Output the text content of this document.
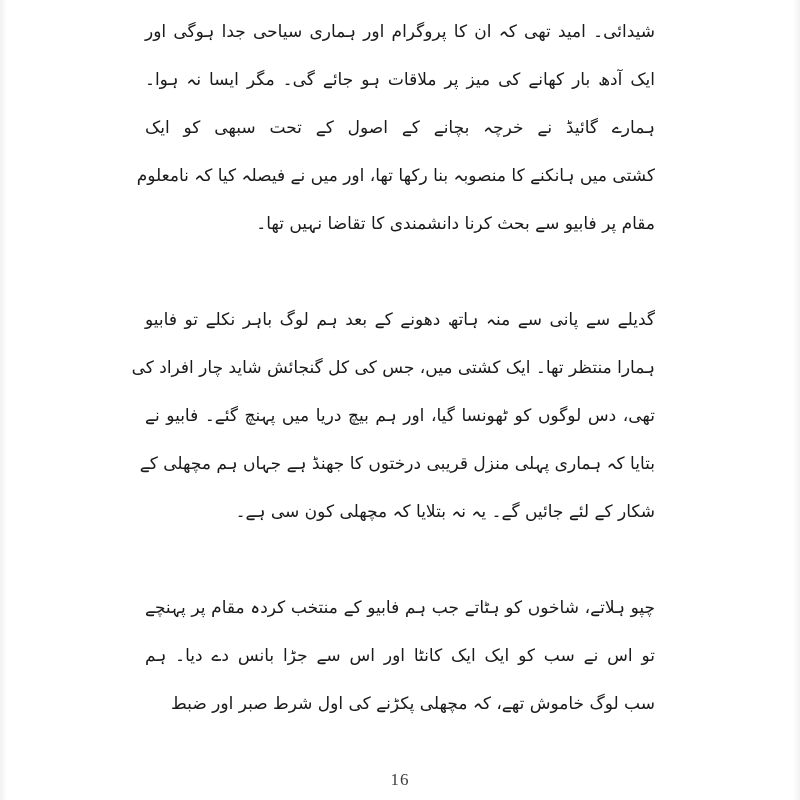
شیدائی۔ امید تھی کہ ان کا پروگرام اور ہماری سیاحی جدا ہوگی اور
ایک آدھ بار کھانے کی میز پر ملاقات ہو جائے گی۔ مگر ایسا نہ ہوا۔
ہمارے گائیڈ نے خرچہ بچانے کے اصول کے تحت سبھی کو ایک
کشتی میں ہانکنے کا منصوبہ بنا رکھا تھا، اور میں نے فیصلہ کیا کہ نامعلوم
مقام پر فابیو سے بحث کرنا دانشمندی کا تقاضا نہیں تھا۔

گدیلے سے پانی سے منہ ہاتھ دھونے کے بعد ہم لوگ باہر نکلے تو فابیو
ہمارا منتظر تھا۔ ایک کشتی میں، جس کی کل گنجائش شاید چار افراد کی
تھی، دس لوگوں کو ٹھونسا گیا، اور ہم بیچ دریا میں پہنچ گئے۔ فابیو نے
بتایا کہ ہماری پہلی منزل قریبی درختوں کا جھنڈ ہے جہاں ہم مچھلی کے
شکار کے لئے جائیں گے۔ یہ نہ بتلایا کہ مچھلی کون سی ہے۔

چپو ہلاتے، شاخوں کو ہٹاتے جب ہم فابیو کے منتخب کردہ مقام پر پہنچے
تو اس نے سب کو ایک ایک کانٹا اور اس سے جڑا بانس دے دیا۔ ہم
سب لوگ خاموش تھے، کہ مچھلی پکڑنے کی اول شرط صبر اور ضبط

16
